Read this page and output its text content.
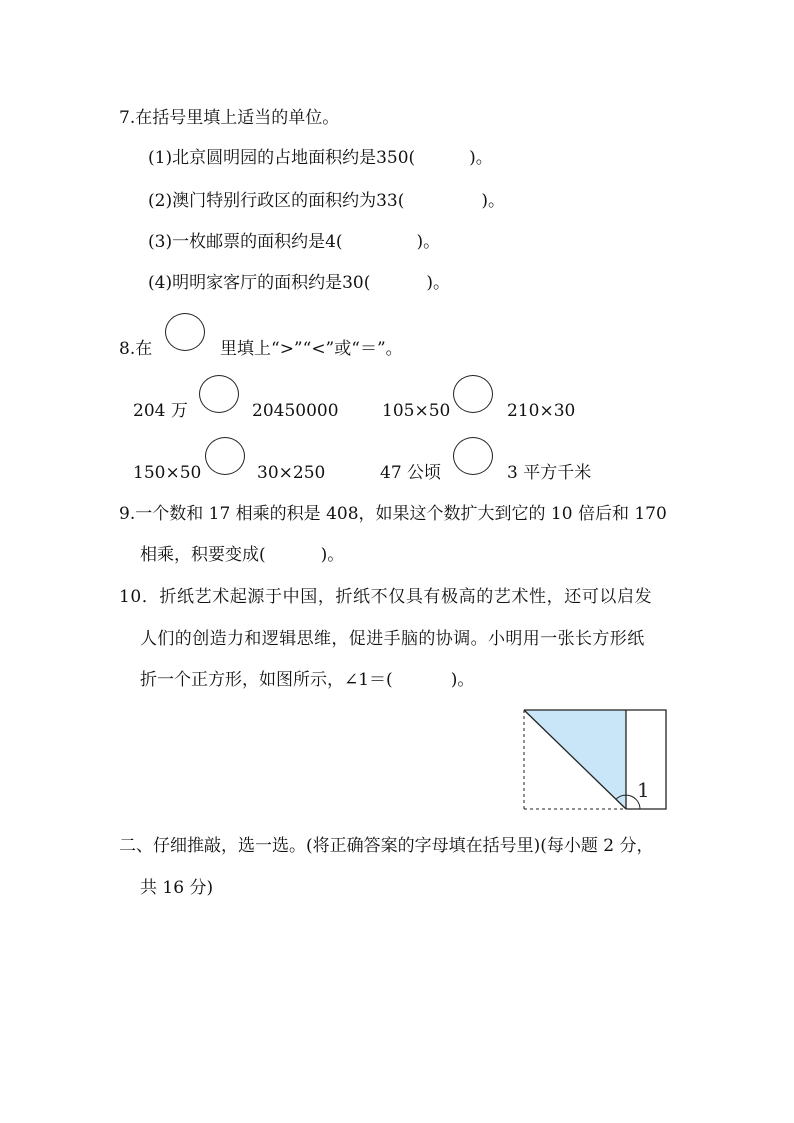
7.在括号里填上适当的单位。
(1)北京圆明园的占地面积约是350(	)。
(2)澳门特别行政区的面积约为33(	)。
(3)一枚邮票的面积约是4(	)。
(4)明明家客厅的面积约是30(	)。
8.在	里填上“>”“<”或“＝”。
204 万	20450000	105×50	210×30
150×50	30×250	47 公顷	3 平方千米
9.一个数和 17 相乘的积是 408，如果这个数扩大到它的 10 倍后和 170
相乘，积要变成(	)。
10．折纸艺术起源于中国，折纸不仅具有极高的艺术性，还可以启发
人们的创造力和逻辑思维，促进手脑的协调。小明用一张长方形纸
折一个正方形，如图所示，∠1＝(	)。
1
二、仔细推敲，选一选。(将正确答案的字母填在括号里)(每小题 2 分，
共 16 分)
